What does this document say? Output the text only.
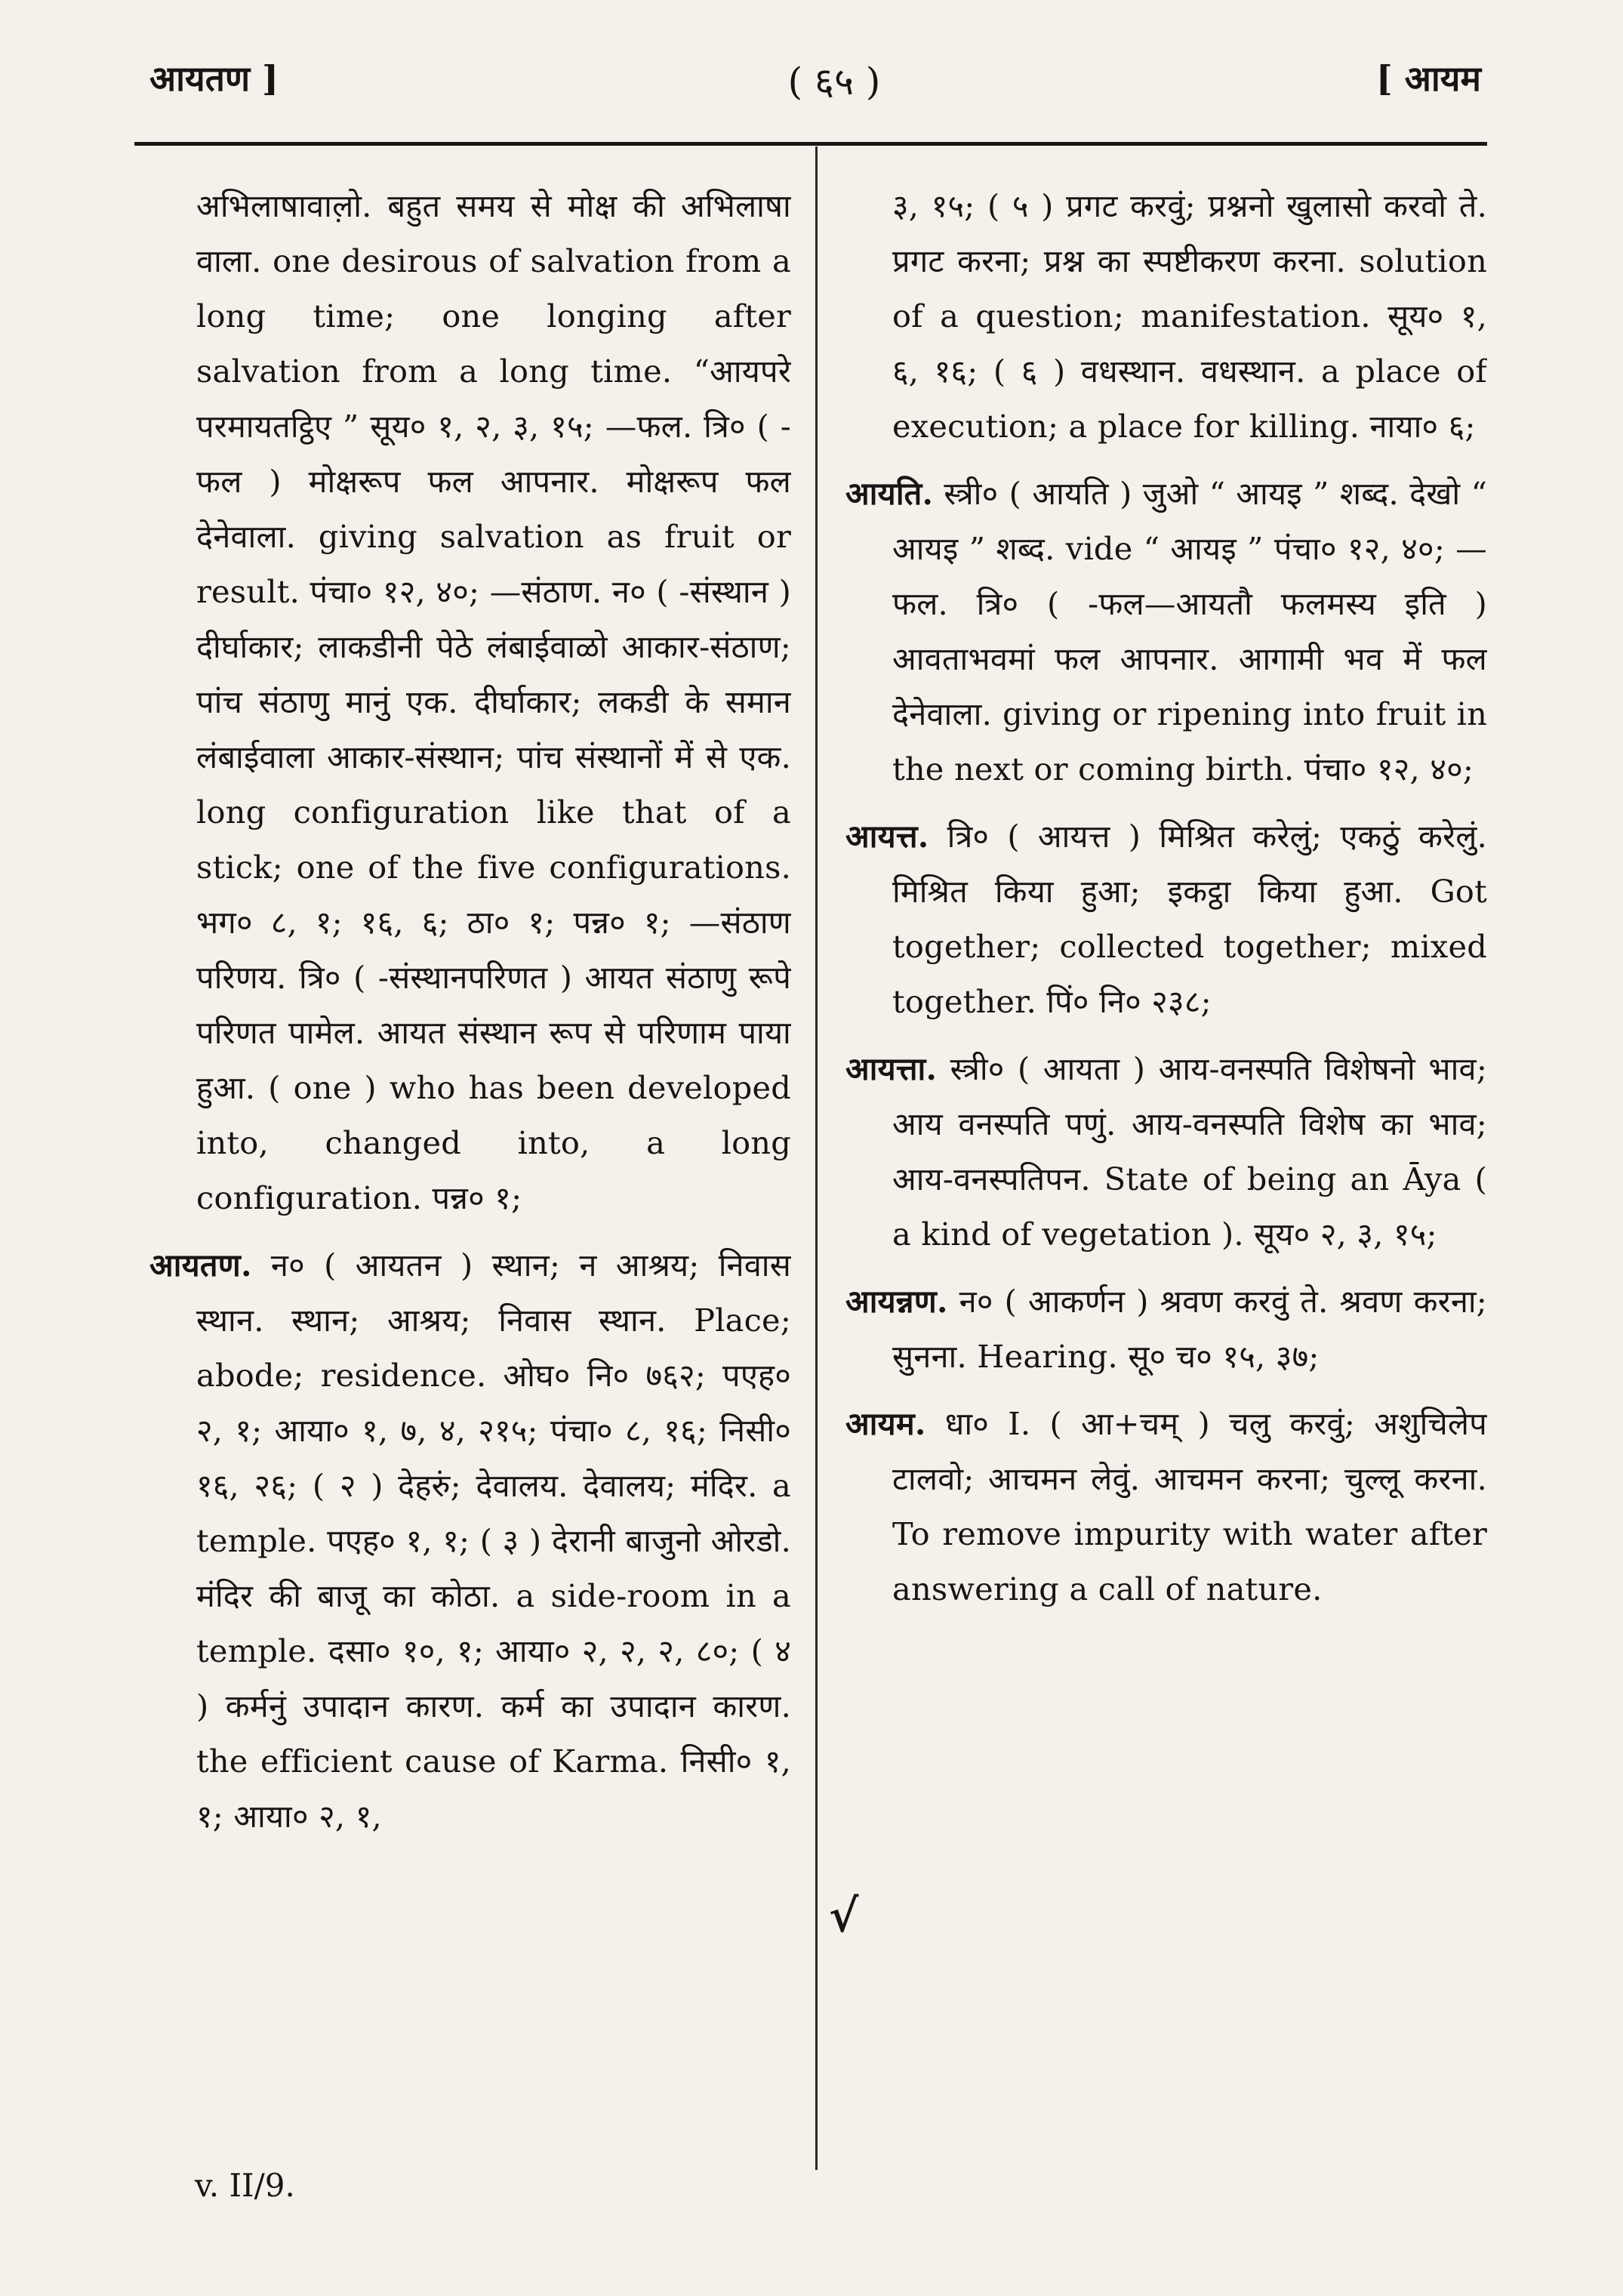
आयतण ]	( ६५ )	[ आयम

अभिलाषावाल़ो. बहुत समय से मोक्ष की अभिलाषा वाला. one desirous of salvation from a long time; one longing after salvation from a long time. “आयपरे परमायतट्ठिए ” सूय० १, २, ३, १५; —फल. त्रि० ( -फल ) मोक्षरूप फल आपनार. मोक्षरूप फल देनेवाला. giving salvation as fruit or result. पंचा० १२, ४०; —संठाण. न० ( -संस्थान ) दीर्घाकार; लाकडीनी पेठे लंबाईवाळो आकार-संठाण; पांच संठाणु मानुं एक. दीर्घाकार; लकडी के समान लंबाईवाला आकार-संस्थान; पांच संस्थानों में से एक. long configuration like that of a stick; one of the five configurations. भग० ८, १; १६, ६; ठा० १; पन्न० १; —संठाण परिणय. त्रि० ( -संस्थानपरिणत ) आयत संठाणु रूपे परिणत पामेल. आयत संस्थान रूप से परिणाम पाया हुआ. ( one ) who has been developed into, changed into, a long configuration. पन्न० १;

आयतण. न० ( आयतन ) स्थान; न आश्रय; निवास स्थान. स्थान; आश्रय; निवास स्थान. Place; abode; residence. ओघ० नि० ७६२; पएह० २, १; आया० १, ७, ४, २१५; पंचा० ८, १६; निसी० १६, २६; ( २ ) देहरुं; देवालय. देवालय; मंदिर. a temple. पएह० १, १; ( ३ ) देरानी बाजुनो ओरडो. मंदिर की बाजू का कोठा. a side-room in a temple. दसा० १०, १; आया० २, २, २, ८०; ( ४ ) कर्मनुं उपादान कारण. कर्म का उपादान कारण. the efficient cause of Karma. निसी० १, १; आया० २, १,

३, १५; ( ५ ) प्रगट करवुं; प्रश्ननो खुलासो करवो ते. प्रगट करना; प्रश्न का स्पष्टीकरण करना. solution of a question; manifestation. सूय० १, ६, १६; ( ६ ) वधस्थान. वधस्थान. a place of execution; a place for killing. नाया० ६;

आयति. स्त्री० ( आयति ) जुओ “ आयइ ” शब्द. देखो “ आयइ ” शब्द. vide “ आयइ ” पंचा० १२, ४०; —फल. त्रि० ( -फल—आयतौ फलमस्य इति ) आवताभवमां फल आपनार. आगामी भव में फल देनेवाला. giving or ripening into fruit in the next or coming birth. पंचा० १२, ४०;

आयत्त. त्रि० ( आयत्त ) मिश्रित करेलुं; एकठुं करेलुं. मिश्रित किया हुआ; इकट्ठा किया हुआ. Got together; collected together; mixed together. पिं० नि० २३८;

आयत्ता. स्त्री० ( आयता ) आय-वनस्पति विशेषनो भाव; आय वनस्पति पणुं. आय-वनस्पति विशेष का भाव; आय-वनस्पतिपन. State of being an Āya ( a kind of vegetation ). सूय० २, ३, १५;

आयन्नण. न० ( आकर्णन ) श्रवण करवुं ते. श्रवण करना; सुनना. Hearing. सू० च० १५, ३७;

आयम. धा० I. ( आ+चम् ) चलु करवुं; अशुचिलेप टालवो; आचमन लेवुं. आचमन करना; चुल्लू करना. To remove impurity with water after answering a call of nature.

√
v. II/9.
